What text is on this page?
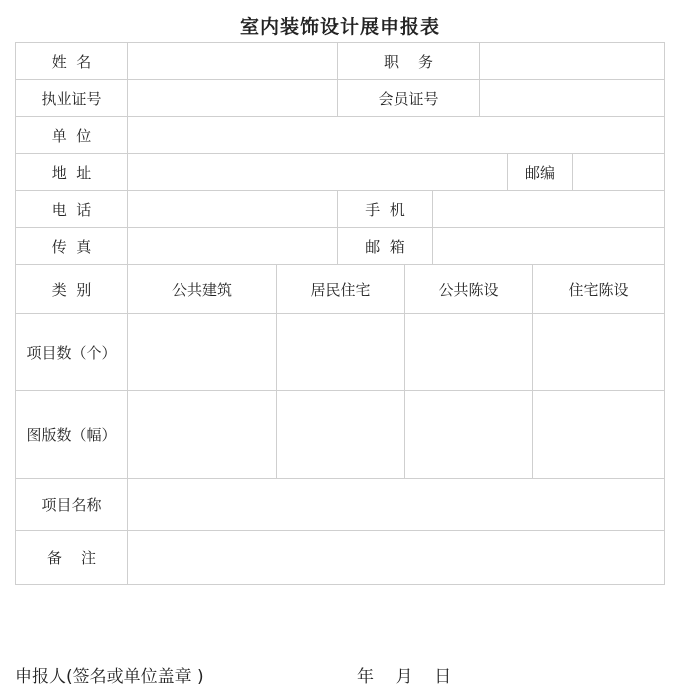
室内装饰设计展申报表
姓  名	职    务
执业证号	会员证号
单  位
地  址	邮编
电  话	手  机
传  真	邮  箱
类  别	公共建筑	居民住宅	公共陈设	住宅陈设
项目数（个）
图版数（幅）
项目名称
备    注
申报人(签名或单位盖章 )	年    月    日
